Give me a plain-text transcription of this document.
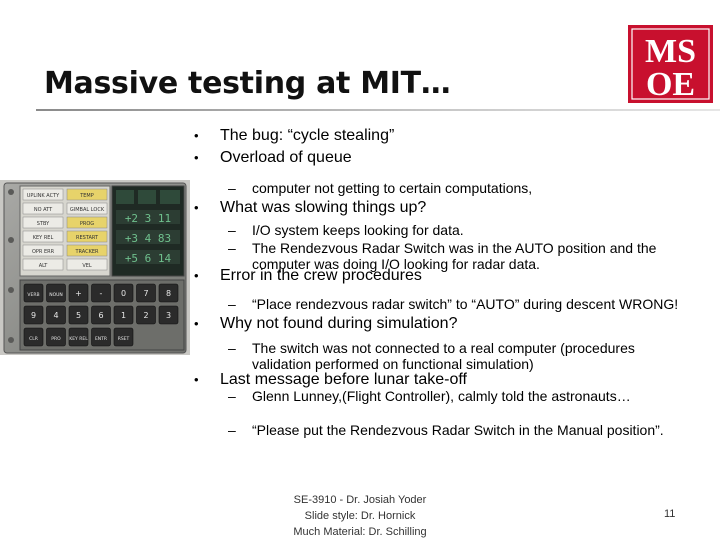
Massive testing at MIT…
MS
OE
UPLINK ACTY	TEMP
NO ATT	GIMBAL LOCK
STBY	PROG
KEY REL	RESTART
OPR ERR	TRACKER
ALT	VEL
+2 3 11
+3 4 83
+5 6 14
VERB NOUN + - 0 7 8
9 4 5 6 1 2 3
CLR	PRO KEY REL ENTR RSET
• The bug: “cycle stealing”
• Overload of queue
– computer not getting to certain computations,
• What was slowing things up?
– I/O system keeps looking for data.
– The Rendezvous Radar Switch was in the AUTO position and the computer was doing I/O looking for radar data.
• Error in the crew procedures
– “Place rendezvous radar switch” to “AUTO” during descent WRONG!
• Why not found during simulation?
– The switch was not connected to a real computer (procedures validation performed on functional simulation)
• Last message before lunar take-off
– Glenn Lunney,(Flight Controller), calmly told the astronauts…
– “Please put the Rendezvous Radar Switch in the Manual position”.
SE-3910 - Dr. Josiah Yoder
Slide style: Dr. Hornick
Much Material: Dr. Schilling
11
